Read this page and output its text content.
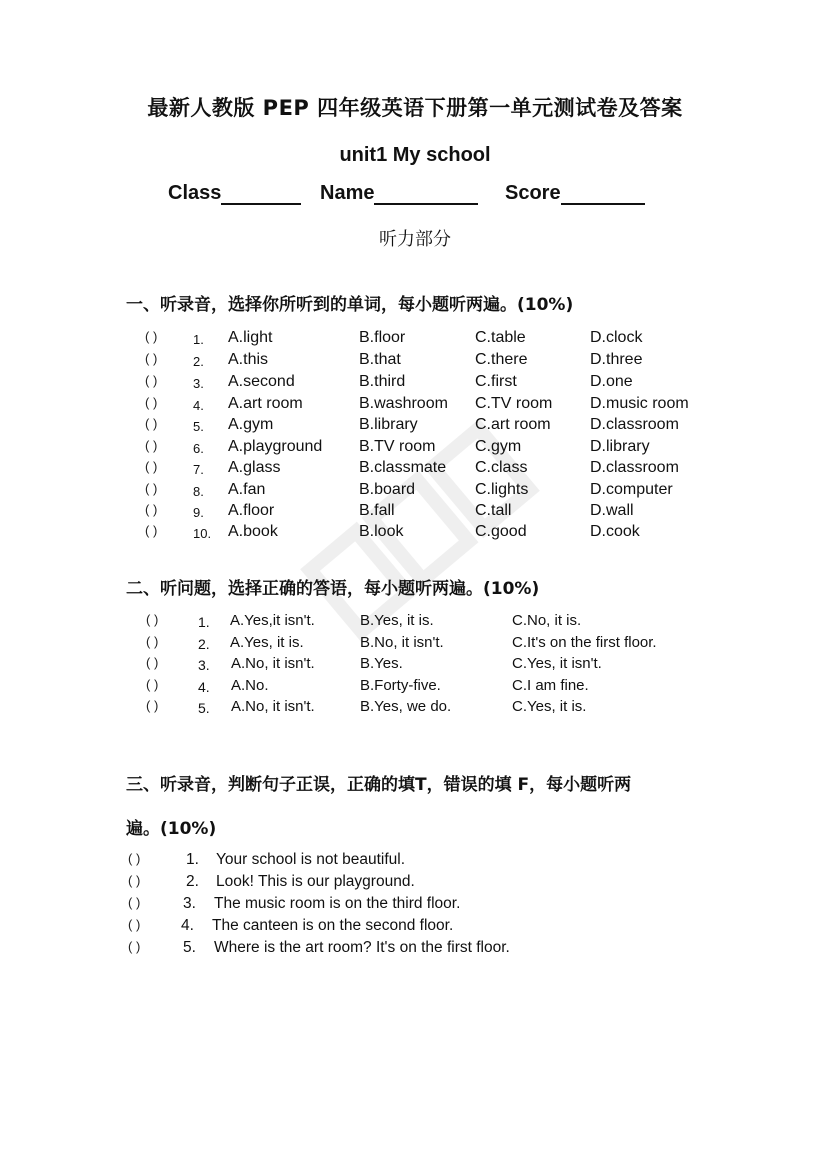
最新人教版 PEP 四年级英语下册第一单元测试卷及答案
unit1 My school
Class	Name	Score
听力部分
一、听录音，选择你所听到的单词，每小题听两遍。(10%)
( )	1. A.light	B.floor	C.table	D.clock
( )	2. A.this	B.that	C.there	D.three
( )	3. A.second	B.third	C.first	D.one
( )	4. A.art room	B.washroom C.TV room D.music room
( )	5. A.gym	B.library	C.art room D.classroom
( )	6. A.playground B.TV room C.gym	D.library
( )	7. A.glass	B.classmate C.class	D.classroom
( )	8. A.fan	B.board	C.lights	D.computer
( )	9. A.floor	B.fall	C.tall	D.wall
( )	10. A.book	B.look	C.good	D.cook
二、听问题，选择正确的答语，每小题听两遍。(10%)
( )	1. A.Yes,it isn't.	B.Yes, it is.	C.No, it is.
( )	2. A.Yes, it is.	B.No, it isn't.	C.It's on the first floor.
( )	3. A.No, it isn't.	B.Yes.	C.Yes, it isn't.
( )	4. A.No.	B.Forty-five.	C.I am fine.
( )	5. A.No, it isn't.	B.Yes, we do.	C.Yes, it is.
三、听录音，判断句子正误，正确的填T，错误的填 F，每小题听两
遍。(10%)
( )	1. Your school is not beautiful.
( )	2. Look! This is our playground.
( )	3. The music room is on the third floor.
( )	4. The canteen is on the second floor.
( )	5. Where is the art room? It's on the first floor.
